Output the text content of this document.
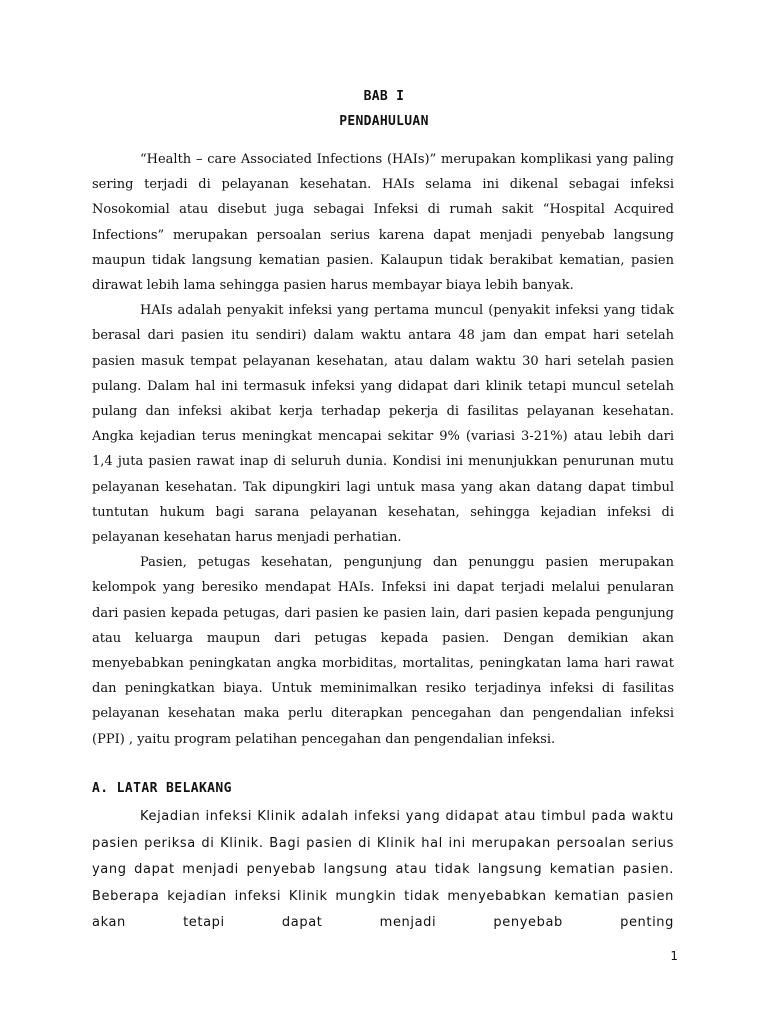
BAB I
PENDAHULUAN

“Health – care Associated Infections (HAIs)” merupakan komplikasi yang paling sering terjadi di pelayanan kesehatan. HAIs selama ini dikenal sebagai infeksi Nosokomial atau disebut juga sebagai Infeksi di rumah sakit “Hospital Acquired Infections” merupakan persoalan serius karena dapat menjadi penyebab langsung maupun tidak langsung kematian pasien. Kalaupun tidak berakibat kematian, pasien dirawat lebih lama sehingga pasien harus membayar biaya lebih banyak.

HAIs adalah penyakit infeksi yang pertama muncul (penyakit infeksi yang tidak berasal dari pasien itu sendiri) dalam waktu antara 48 jam dan empat hari setelah pasien masuk tempat pelayanan kesehatan, atau dalam waktu 30 hari setelah pasien pulang. Dalam hal ini termasuk infeksi yang didapat dari klinik tetapi muncul setelah pulang dan infeksi akibat kerja terhadap pekerja di fasilitas pelayanan kesehatan. Angka kejadian terus meningkat mencapai sekitar 9% (variasi 3-21%) atau lebih dari 1,4 juta pasien rawat inap di seluruh dunia. Kondisi ini menunjukkan penurunan mutu pelayanan kesehatan. Tak dipungkiri lagi untuk masa yang akan datang dapat timbul tuntutan hukum bagi sarana pelayanan kesehatan, sehingga kejadian infeksi di pelayanan kesehatan harus menjadi perhatian.

Pasien, petugas kesehatan, pengunjung dan penunggu pasien merupakan kelompok yang beresiko mendapat HAIs. Infeksi ini dapat terjadi melalui penularan dari pasien kepada petugas, dari pasien ke pasien lain, dari pasien kepada pengunjung atau keluarga maupun dari petugas kepada pasien. Dengan demikian akan menyebabkan peningkatan angka morbiditas, mortalitas, peningkatan lama hari rawat dan peningkatkan biaya. Untuk meminimalkan resiko terjadinya infeksi di fasilitas pelayanan kesehatan maka perlu diterapkan pencegahan dan pengendalian infeksi (PPI) , yaitu program pelatihan pencegahan dan pengendalian infeksi.

A. LATAR BELAKANG

Kejadian infeksi Klinik adalah infeksi yang didapat atau timbul pada waktu pasien periksa di Klinik. Bagi pasien di Klinik hal ini merupakan persoalan serius yang dapat menjadi penyebab langsung atau tidak langsung kematian pasien. Beberapa kejadian infeksi Klinik mungkin tidak menyebabkan kematian pasien akan tetapi dapat menjadi penyebab penting

1
